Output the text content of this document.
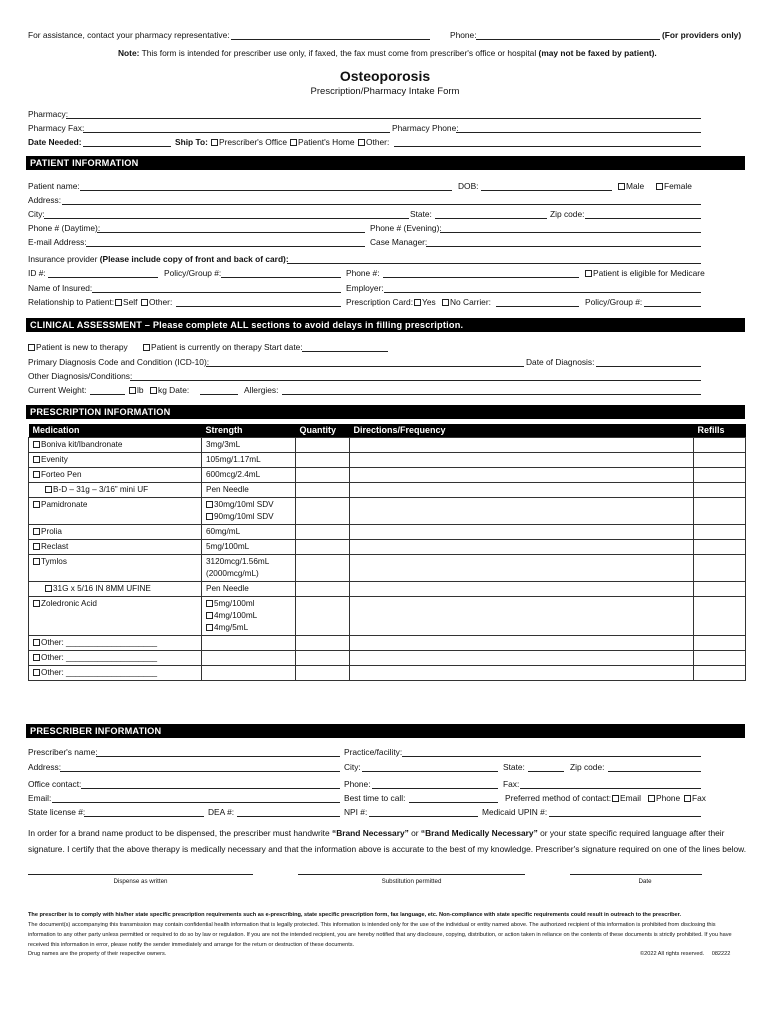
For assistance, contact your pharmacy representative:	Phone:	(For providers only)
Note: This form is intended for prescriber use only, if faxed, the fax must come from prescriber's office or hospital (may not be faxed by patient).
Osteoporosis
Prescription/Pharmacy Intake Form
Pharmacy:
Pharmacy Fax:	Pharmacy Phone:
Date Needed:	Ship To:	Prescriber's Office	Patient's Home	Other:
PATIENT INFORMATION
Patient name:	DOB:	Male	Female
Address:
City:	State:	Zip code:
Phone # (Daytime):	Phone # (Evening):
E-mail Address:	Case Manager:
Insurance provider (Please include copy of front and back of card):
ID #:	Policy/Group #:	Phone #:	Patient is eligible for Medicare
Name of Insured:	Employer:
Relationship to Patient:	Self	Other:	Prescription Card:	Yes	No Carrier:	Policy/Group #:
CLINICAL ASSESSMENT – Please complete ALL sections to avoid delays in filling prescription.
Patient is new to therapy	Patient is currently on therapy Start date:
Primary Diagnosis Code and Condition (ICD-10):	Date of Diagnosis:
Other Diagnosis/Conditions:
Current Weight:	lb	kg Date:	Allergies:
PRESCRIPTION INFORMATION
Medication	Strength	Quantity	Directions/Frequency	Refills
Boniva kit/Ibandronate	3mg/3mL			

Evenity	105mg/1.17mL			

Forteo Pen	600mcg/2.4mL			

B-D – 31g – 3/16” mini UF	Pen Needle			

Pamidronate	30mg/10ml SDV
90mg/10ml SDV			

Prolia	60mg/mL			

Reclast	5mg/100mL			

Tymlos	3120mcg/1.56mL
(2000mcg/mL)			

31G x 5/16 IN 8MM UFINE	Pen Needle			

Zoledronic Acid	5mg/100ml
4mg/100mL
4mg/5mL			

Other: ____________________	

Other: ____________________	

Other: ____________________	

PRESCRIBER INFORMATION
Prescriber's name:	Practice/facility:
Address:	City:	State:	Zip code:
Office contact:	Phone:	Fax:
Email:	Best time to call:	Preferred method of contact:	Email	Phone	Fax
State license #:	DEA #:	NPI #:	Medicaid UPIN #:
In order for a brand name product to be dispensed, the prescriber must handwrite “Brand Necessary” or “Brand Medically Necessary” or your state specific required language after their
signature. I certify that the above therapy is medically necessary and that the information above is accurate to the best of my knowledge. Prescriber's signature required on one of the lines below.
Dispense as written	Substitution permitted	Date
The prescriber is to comply with his/her state specific prescription requirements such as e-prescribing, state specific prescription form, fax language, etc. Non-compliance with state specific requirements could result in outreach to the prescriber.
The document(s) accompanying this transmission may contain confidential health information that is legally protected. This information is intended only for the use of the individual or entity named above. The authorized recipient of this information is prohibited from disclosing this information to any other party unless permitted or required to do so by law or regulation. If you are not the intended recipient, you are hereby notified that any disclosure, copying, distribution, or action taken in reliance on the contents of these documents is strictly prohibited. If you have received this information in error, please notify the sender immediately and arrange for the return or destruction of these documents.
Drug names are the property of their respective owners.	©2022 All rights reserved. 082222
